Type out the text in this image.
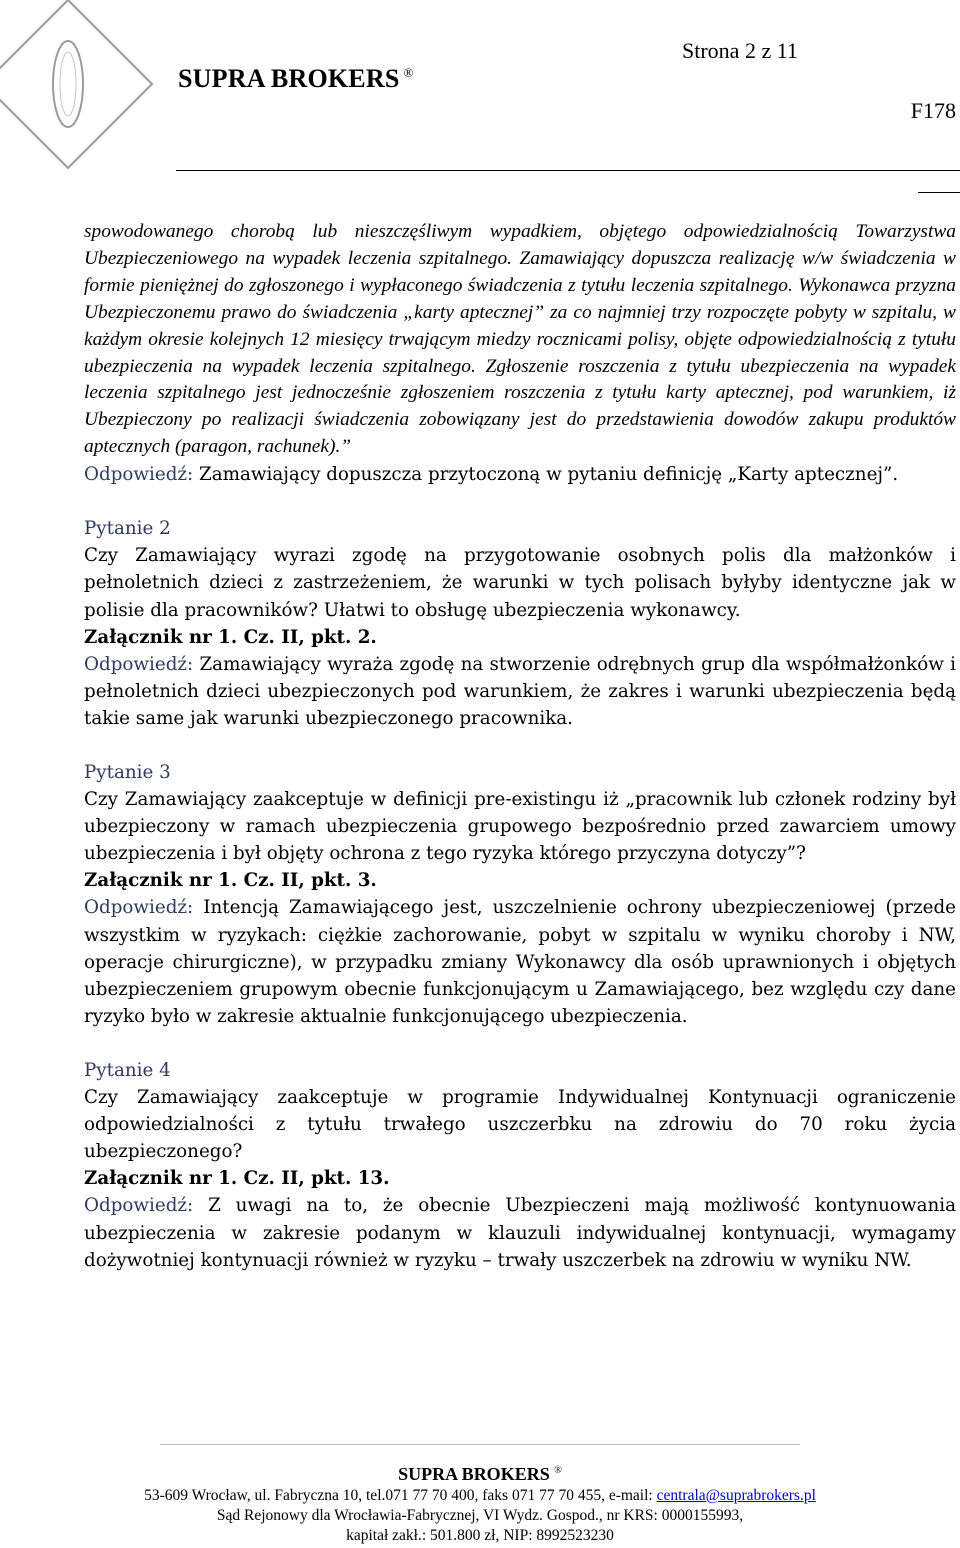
SUPRA BROKERS ®
Strona 2 z 11
F178

spowodowanego chorobą lub nieszczęśliwym wypadkiem, objętego odpowiedzialnością Towarzystwa Ubezpieczeniowego na wypadek leczenia szpitalnego. Zamawiający dopuszcza realizację w/w świadczenia w formie pieniężnej do zgłoszonego i wypłaconego świadczenia z tytułu leczenia szpitalnego. Wykonawca przyzna Ubezpieczonemu prawo do świadczenia „karty aptecznej” za co najmniej trzy rozpoczęte pobyty w szpitalu, w każdym okresie kolejnych 12 miesięcy trwającym miedzy rocznicami polisy, objęte odpowiedzialnością z tytułu ubezpieczenia na wypadek leczenia szpitalnego. Zgłoszenie roszczenia z tytułu ubezpieczenia na wypadek leczenia szpitalnego jest jednocześnie zgłoszeniem roszczenia z tytułu karty aptecznej, pod warunkiem, iż Ubezpieczony po realizacji świadczenia zobowiązany jest do przedstawienia dowodów zakupu produktów aptecznych (paragon, rachunek).”

Odpowiedź: Zamawiający dopuszcza przytoczoną w pytaniu definicję „Karty aptecznej”.

Pytanie 2

Czy Zamawiający wyrazi zgodę na przygotowanie osobnych polis dla małżonków i pełnoletnich dzieci z zastrzeżeniem, że warunki w tych polisach byłyby identyczne jak w polisie dla pracowników? Ułatwi to obsługę ubezpieczenia wykonawcy.

Załącznik nr 1. Cz. II, pkt. 2.

Odpowiedź: Zamawiający wyraża zgodę na stworzenie odrębnych grup dla współmałżonków i pełnoletnich dzieci ubezpieczonych pod warunkiem, że zakres i warunki ubezpieczenia będą takie same jak warunki ubezpieczonego pracownika.

Pytanie 3

Czy Zamawiający zaakceptuje w definicji pre-existingu iż „pracownik lub członek rodziny był ubezpieczony w ramach ubezpieczenia grupowego bezpośrednio przed zawarciem umowy ubezpieczenia i był objęty ochrona z tego ryzyka którego przyczyna dotyczy”?

Załącznik nr 1. Cz. II, pkt. 3.

Odpowiedź: Intencją Zamawiającego jest, uszczelnienie ochrony ubezpieczeniowej (przede wszystkim w ryzykach: ciężkie zachorowanie, pobyt w szpitalu w wyniku choroby i NW, operacje chirurgiczne), w przypadku zmiany Wykonawcy dla osób uprawnionych i objętych ubezpieczeniem grupowym obecnie funkcjonującym u Zamawiającego, bez względu czy dane ryzyko było w zakresie aktualnie funkcjonującego ubezpieczenia.

Pytanie 4

Czy Zamawiający zaakceptuje w programie Indywidualnej Kontynuacji ograniczenie odpowiedzialności z tytułu trwałego uszczerbku na zdrowiu do 70 roku życia ubezpieczonego?

Załącznik nr 1. Cz. II, pkt. 13.

Odpowiedź: Z uwagi na to, że obecnie Ubezpieczeni mają możliwość kontynuowania ubezpieczenia w zakresie podanym w klauzuli indywidualnej kontynuacji, wymagamy dożywotniej kontynuacji również w ryzyku – trwały uszczerbek na zdrowiu w wyniku NW.

SUPRA BROKERS ®
53-609 Wrocław, ul. Fabryczna 10, tel.071 77 70 400, faks 071 77 70 455, e-mail: centrala@suprabrokers.pl
Sąd Rejonowy dla Wrocławia-Fabrycznej, VI Wydz. Gospod., nr KRS: 0000155993,
kapitał zakł.: 501.800 zł, NIP: 8992523230
